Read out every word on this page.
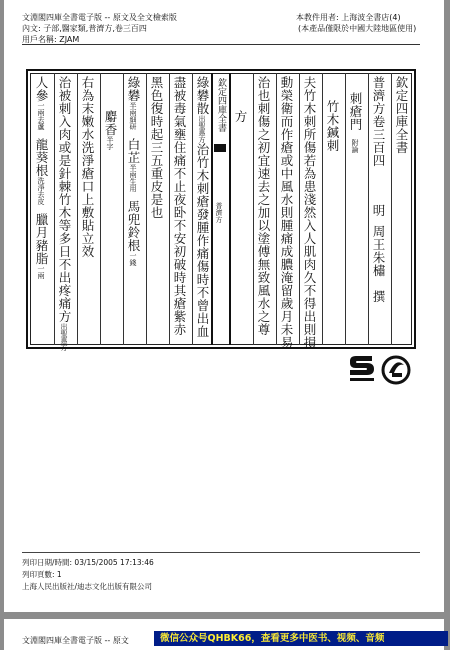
文淵閣四庫全書電子版 -- 原文及全文檢索版
內文: 子部,醫家類,普濟方,卷三百四
用戶名稱: ZJAM
本教件用者: 上海波全書店(4)
(本產品僅限於中國大陸地區使用)
欽定四庫全書
普濟方卷三百四
明周王朱橚　撰
刺瘡門附論
竹木鍼刺
夫竹木刺所傷若為患淺然入人肌肉久不得出則損
動榮衛而作瘡或中風水則腫痛成膿淹留歲月未易
治也刺傷之初宜速去之加以塗傅無致風水之尊
方
欽定四庫全書
普濟方
綠礬散出聖惠方治竹木刺瘡發腫作痛傷時不曾出血
盡被毒氣壅住痛不止夜卧不安初破時其瘡紫赤
黑色復時起三五重皮是也
綠礬半兩細研白芷半兩生用馬兜鈴根一錢
麝香半字
右為末嫩水洗淨瘡口上敷貼立效
治被刺入肉或是針棘竹木等多日不出疼痛方出聖惠方
人參一兩去蘆龍葵根洗淨去皮臘月豬脂一兩
列印日期/時間: 03/15/2005 17:13:46
列印頁數: 1
上海人民出版社/迪志文化出版有限公司
文淵閣四庫全書電子版 -- 原文	微信公众号QHBK66，查看更多中医书、视频、音频
